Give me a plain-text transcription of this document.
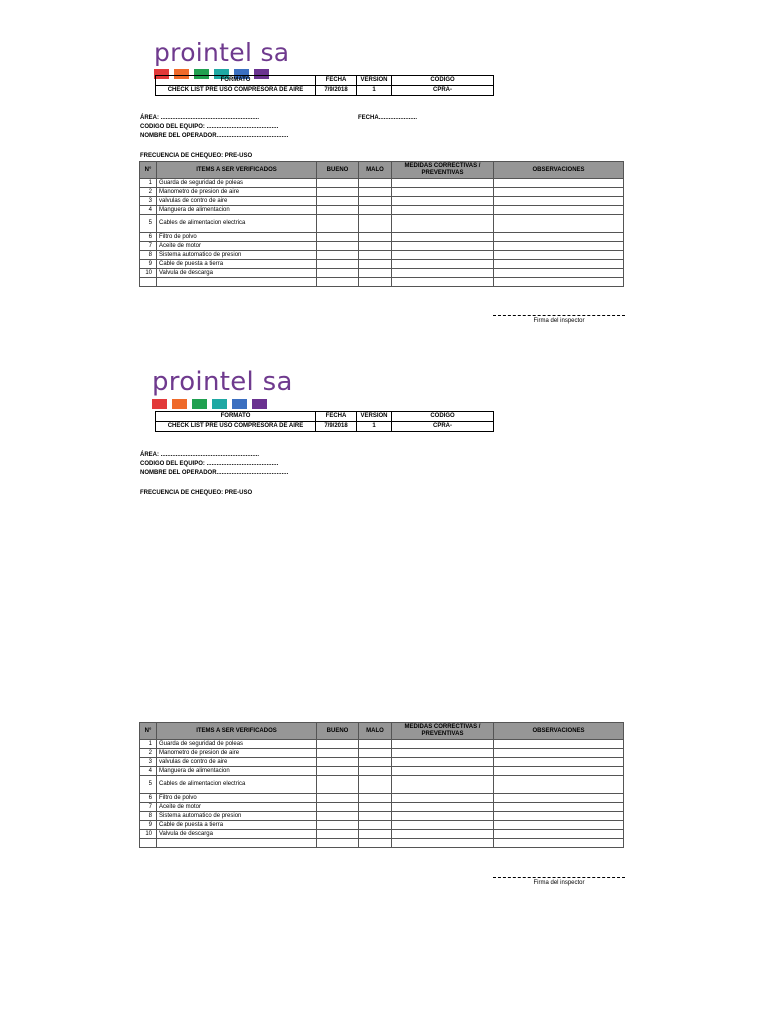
prointel sa
FORMATO	FECHA	VERSIÓN	CÓDIGO
CHECK LIST PRE USO COMPRESORA DE AIRE	7/9/2018	1	CPRA-
ÁREA: ...........................................................	FECHA.......................
CODIGO DEL EQUIPO: ...........................................
NOMBRE DEL OPERADOR...........................................
FRECUENCIA DE CHEQUEO: PRE-USO
N°	ITEMS A SER VERIFICADOS	BUENO	MALO	MEDIDAS CORRECTIVAS / PREVENTIVAS	OBSERVACIONES
1	Guarda de seguridad de poleas				
2	Manometro de presion de aire				
3	valvulas de contro de aire				
4	Manguera de alimentacion				
5	Cables de alimentacion electrica				
6	Filtro de polvo				
7	Aceite de motor				
8	Sistema automatico de presion				
9	Cable de puesta a tierra				
10	Valvula de descarga				

Firma del inspector
prointel sa
FORMATO	FECHA	VERSIÓN	CÓDIGO
CHECK LIST PRE USO COMPRESORA DE AIRE	7/9/2018	1	CPRA-
ÁREA: ...........................................................
CODIGO DEL EQUIPO: ...........................................
NOMBRE DEL OPERADOR...........................................
FRECUENCIA DE CHEQUEO: PRE-USO
N°	ITEMS A SER VERIFICADOS	BUENO	MALO	MEDIDAS CORRECTIVAS / PREVENTIVAS	OBSERVACIONES
1	Guarda de seguridad de poleas				
2	Manometro de presion de aire				
3	valvulas de contro de aire				
4	Manguera de alimentacion				
5	Cables de alimentacion electrica				
6	Filtro de polvo				
7	Aceite de motor				
8	Sistema automatico de presion				
9	Cable de puesta a tierra				
10	Valvula de descarga				

Firma del inspector
